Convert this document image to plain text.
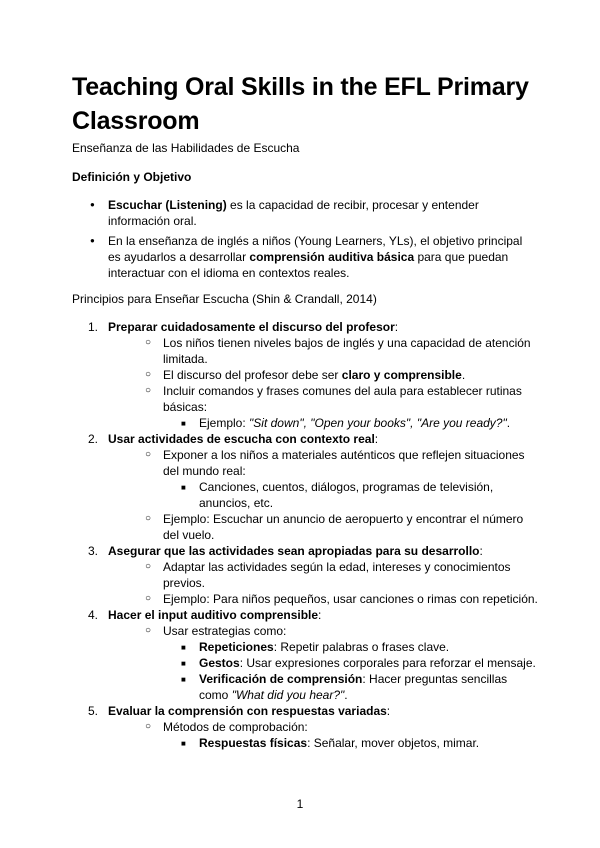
Teaching Oral Skills in the EFL Primary Classroom

Enseñanza de las Habilidades de Escucha

Definición y Objetivo

● Escuchar (Listening) es la capacidad de recibir, procesar y entender información oral.
● En la enseñanza de inglés a niños (Young Learners, YLs), el objetivo principal es ayudarlos a desarrollar comprensión auditiva básica para que puedan interactuar con el idioma en contextos reales.

Principios para Enseñar Escucha (Shin & Crandall, 2014)

1. Preparar cuidadosamente el discurso del profesor:
○ Los niños tienen niveles bajos de inglés y una capacidad de atención limitada.
○ El discurso del profesor debe ser claro y comprensible.
○ Incluir comandos y frases comunes del aula para establecer rutinas básicas:
■ Ejemplo: "Sit down", "Open your books", "Are you ready?".
2. Usar actividades de escucha con contexto real:
○ Exponer a los niños a materiales auténticos que reflejen situaciones del mundo real:
■ Canciones, cuentos, diálogos, programas de televisión, anuncios, etc.
○ Ejemplo: Escuchar un anuncio de aeropuerto y encontrar el número del vuelo.
3. Asegurar que las actividades sean apropiadas para su desarrollo:
○ Adaptar las actividades según la edad, intereses y conocimientos previos.
○ Ejemplo: Para niños pequeños, usar canciones o rimas con repetición.
4. Hacer el input auditivo comprensible:
○ Usar estrategias como:
■ Repeticiones: Repetir palabras o frases clave.
■ Gestos: Usar expresiones corporales para reforzar el mensaje.
■ Verificación de comprensión: Hacer preguntas sencillas como "What did you hear?".
5. Evaluar la comprensión con respuestas variadas:
○ Métodos de comprobación:
■ Respuestas físicas: Señalar, mover objetos, mimar.

1
